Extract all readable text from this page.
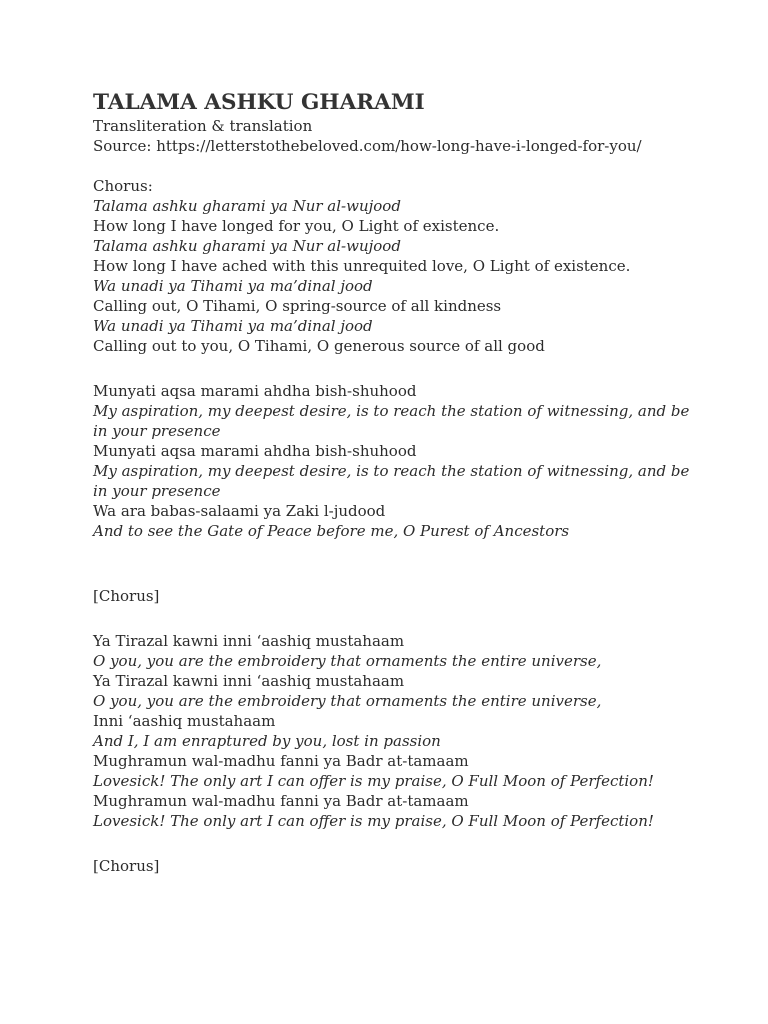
TALAMA ASHKU GHARAMI
Transliteration & translation
Source: https://letterstothebeloved.com/how-long-have-i-longed-for-you/
Chorus:
Talama ashku gharami ya Nur al-wujood
How long I have longed for you, O Light of existence.
Talama ashku gharami ya Nur al-wujood
How long I have ached with this unrequited love, O Light of existence.
Wa unadi ya Tihami ya ma’dinal jood
Calling out, O Tihami, O spring-source of all kindness
Wa unadi ya Tihami ya ma’dinal jood
Calling out to you, O Tihami, O generous source of all good
Munyati aqsa marami ahdha bish-shuhood
My aspiration, my deepest desire, is to reach the station of witnessing, and be in your presence
Munyati aqsa marami ahdha bish-shuhood
My aspiration, my deepest desire, is to reach the station of witnessing, and be in your presence
Wa ara babas-salaami ya Zaki l-judood
And to see the Gate of Peace before me, O Purest of Ancestors
[Chorus]
Ya Tirazal kawni inni ‘aashiq mustahaam
O you, you are the embroidery that ornaments the entire universe,
Ya Tirazal kawni inni ‘aashiq mustahaam
O you, you are the embroidery that ornaments the entire universe,
Inni ‘aashiq mustahaam
And I, I am enraptured by you, lost in passion
Mughramun wal-madhu fanni ya Badr at-tamaam
Lovesick! The only art I can offer is my praise, O Full Moon of Perfection!
Mughramun wal-madhu fanni ya Badr at-tamaam
Lovesick! The only art I can offer is my praise, O Full Moon of Perfection!
[Chorus]
